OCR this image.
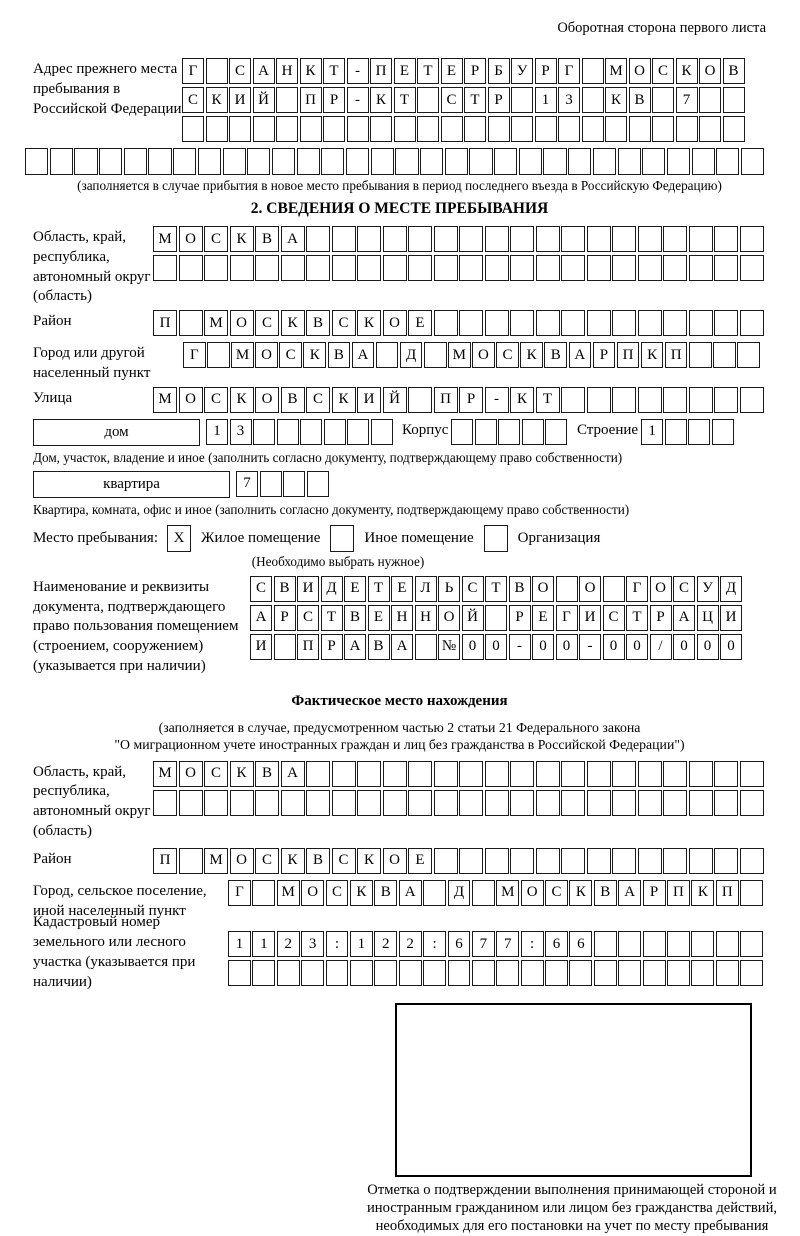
Оборотная сторона первого листа
Адрес прежнего места пребывания в Российской Федерации
Г	С А Н К Т	-	П Е Т Е Р	Б У Р Г	М О С К О В
С К И Й	П Р	-	К Т	С Т Р	1	3	К В	7
(заполняется в случае прибытия в новое место пребывания в период последнего въезда в Российскую Федерацию)
2. СВЕДЕНИЯ О МЕСТЕ ПРЕБЫВАНИЯ
Область, край, республика, автономный округ (область)
М О	С	К	В	А
Район	П	М О	С	К	В	С	К	О	Е
Город или другой населенный пункт
Г	М О С К В А	Д	М О С К В А Р П К П
Улица	М О	С	К	О	В	С	К	И Й	П	Р	-	К	Т
дом	1	3	Корпус	Строение 1
Дом, участок, владение и иное (заполнить согласно документу, подтверждающему право собственности)
квартира	7
Квартира, комната, офис и иное (заполнить согласно документу, подтверждающему право собственности)
Место пребывания:	X	Жилое помещение	Иное помещение	Организация
(Необходимо выбрать нужное)
Наименование и реквизиты документа, подтверждающего право пользования помещением (строением, сооружением) (указывается при наличии)
С В И Д Е Т Е Л Ь С Т В О	О	Г О С У Д
А Р С Т В Е Н Н О Й	Р Е Г И С Т Р А Ц И
И	П Р А В А	№ 0	0	-	0	0	-	0	0	/	0	0	0
Фактическое место нахождения
(заполняется в случае, предусмотренном частью 2 статьи 21 Федерального закона
"О миграционном учете иностранных граждан и лиц без гражданства в Российской Федерации")
Область, край, республика, автономный округ (область)
М О	С	К	В	А
Район	П	М О	С	К	В	С	К	О	Е
Город, сельское поселение, иной населенный пункт
Г	М О С К В А	Д	М О С К В А Р П К П
Кадастровый номер земельного или лесного участка (указывается при наличии)
1	1	2	3	:	1	2	2	:	6	7	7	:	6	6
Отметка о подтверждении выполнения принимающей стороной и иностранным гражданином или лицом без гражданства действий, необходимых для его постановки на учет по месту пребывания
